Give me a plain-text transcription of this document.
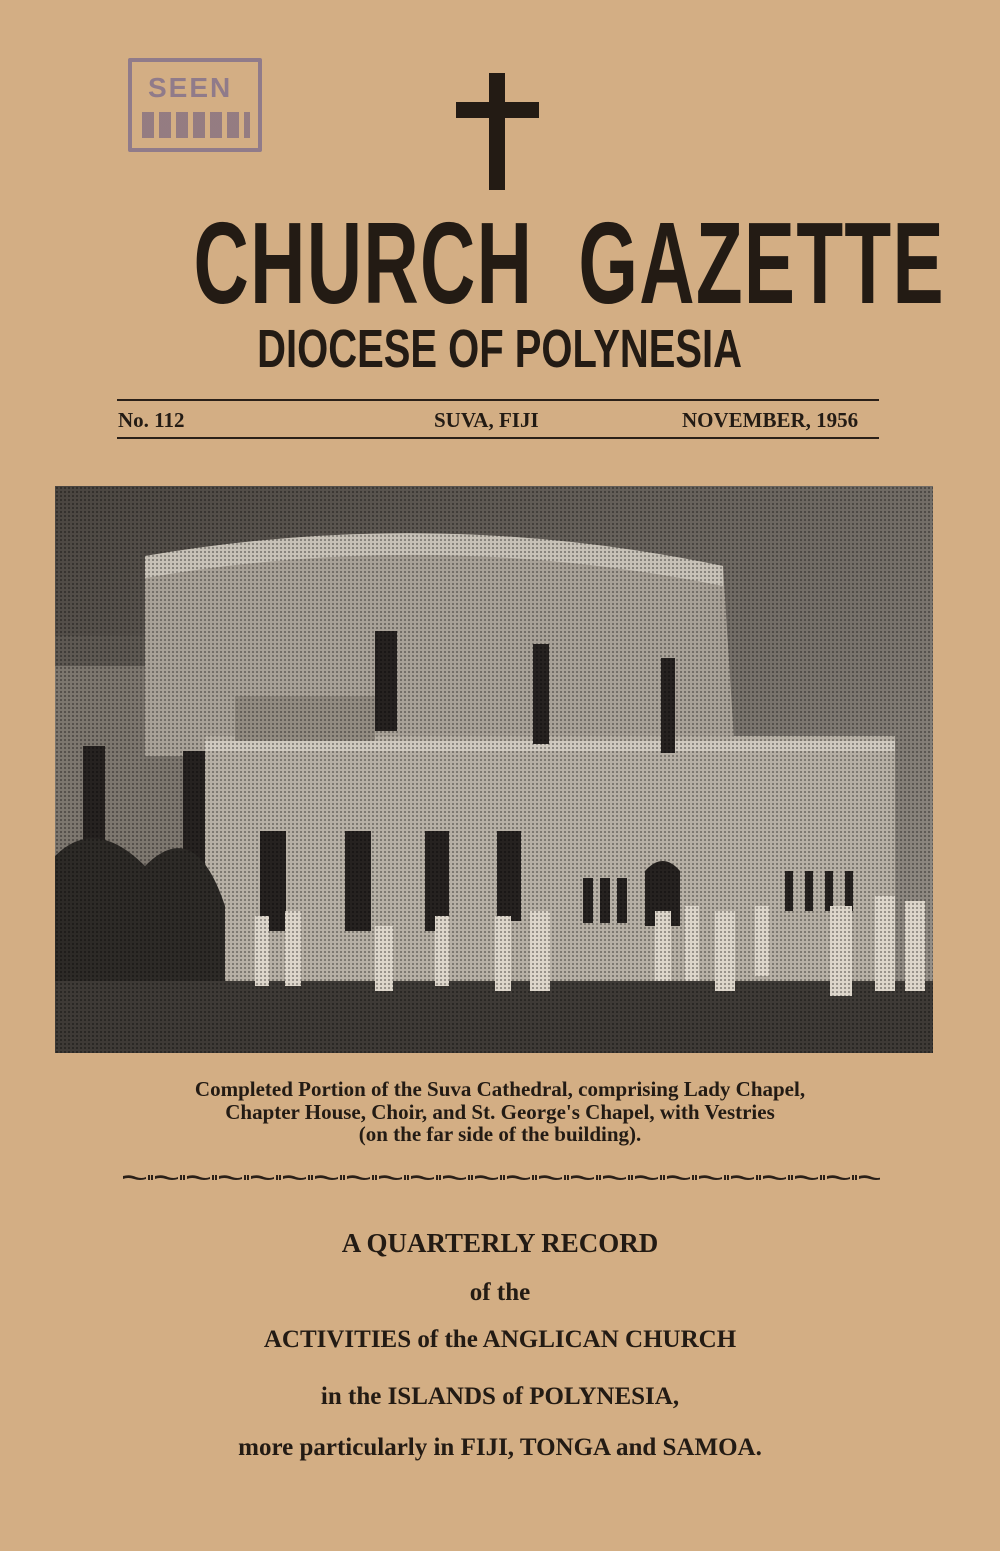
SEEN
CHURCH  GAZETTE
DIOCESE OF POLYNESIA
No. 112	SUVA, FIJI	NOVEMBER, 1956
Completed Portion of the Suva Cathedral, comprising Lady Chapel,
Chapter House, Choir, and St. George's Chapel, with Vestries
(on the far side of the building).
A QUARTERLY RECORD
of the
ACTIVITIES of the ANGLICAN CHURCH
in the ISLANDS of POLYNESIA,
more particularly in FIJI, TONGA and SAMOA.
